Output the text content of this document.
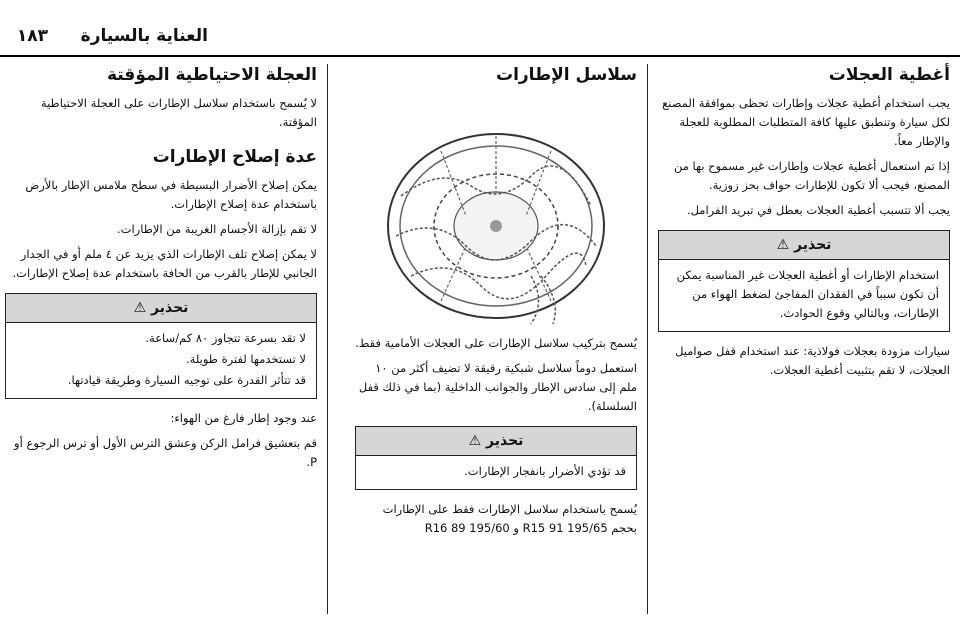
العناية بالسيارة
١٨٣
أغطية العجلات

يجب استخدام أغطية عجلات وإطارات تحظى بموافقة المصنع لكل سيارة وتنطبق عليها كافة المتطلبات المطلوبة للعجلة والإطار معاً.

إذا تم استعمال أغطية عجلات وإطارات غير مسموح بها من المصنع، فيجب ألا تكون للإطارات حواف بحز زوزية.

يجب ألا تتسبب أغطية العجلات بعطل في تبريد الفرامل.

تحذير ⚠

استخدام الإطارات أو أغطية العجلات غير المناسبة يمكن أن تكون سبباً في الفقدان المفاجئ لضغط الهواء من الإطارات، وبالتالي وقوع الحوادث.

سيارات مزودة بعجلات فولاذية: عند استخدام قفل صواميل العجلات، لا تقم بتثبيت أغطية العجلات.

سلاسل الإطارات

يُسمح بتركيب سلاسل الإطارات على العجلات الأمامية فقط.

استعمل دوماً سلاسل شبكية رقيقة لا تضيف أكثر من ١٠ ملم إلى سادس الإطار والجوانب الداخلية (بما في ذلك قفل السلسلة).

تحذير ⚠

قد تؤدي الأضرار بانفجار الإطارات.

يُسمح باستخدام سلاسل الإطارات فقط على الإطارات بحجم R15 91 195/65 و R16 89 195/60

العجلة الاحتياطية المؤقتة

لا يُسمح باستخدام سلاسل الإطارات على العجلة الاحتياطية المؤقتة.

عدة إصلاح الإطارات

يمكن إصلاح الأضرار البسيطة في سطح ملامس الإطار بالأرض باستخدام عدة إصلاح الإطارات.

لا تقم بإزالة الأجسام الغريبة من الإطارات.

لا يمكن إصلاح تلف الإطارات الذي يزيد عن ٤ ملم أو في الجدار الجانبي للإطار بالقرب من الحافة باستخدام عدة إصلاح الإطارات.

تحذير ⚠

لا تقد بسرعة تتجاوز ٨٠ كم/ساعة.

لا تستخدمها لفترة طويلة.

قد تتأثر القدرة على توجيه السيارة وطريقة قيادتها.

عند وجود إطار فارغ من الهواء:

قم بتعشيق فرامل الركن وعشق الترس الأول أو ترس الرجوع أو P.
